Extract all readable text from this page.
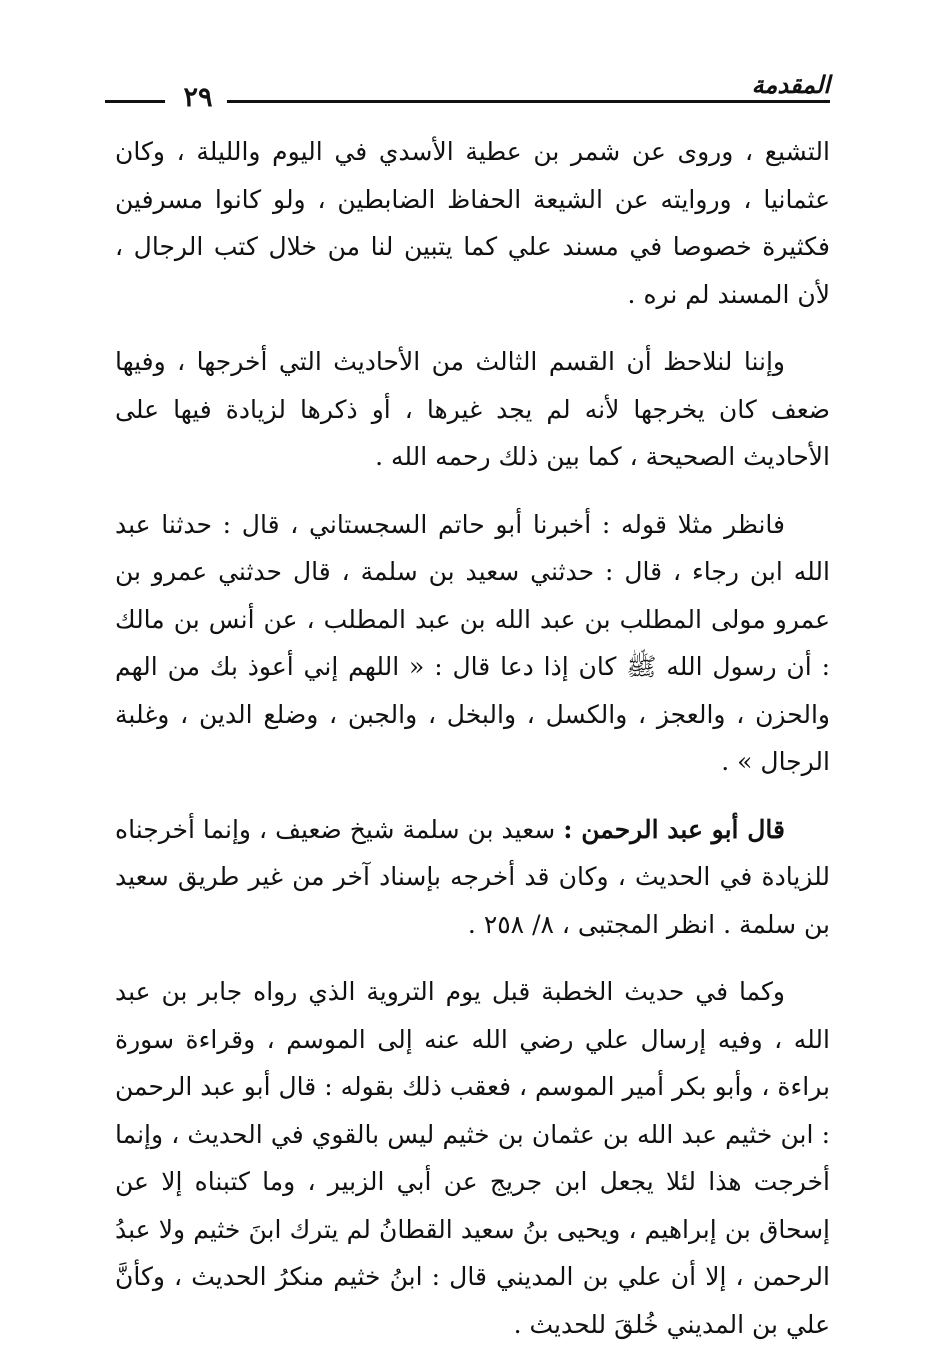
٢٩	المقدمة

التشيع ، وروى عن شمر بن عطية الأسدي في اليوم والليلة ، وكان عثمانيا ، وروايته عن الشيعة الحفاظ الضابطين ، ولو كانوا مسرفين فكثيرة خصوصا في مسند علي كما يتبين لنا من خلال كتب الرجال ، لأن المسند لم نره .

وإننا لنلاحظ أن القسم الثالث من الأحاديث التي أخرجها ، وفيها ضعف كان يخرجها لأنه لم يجد غيرها ، أو ذكرها لزيادة فيها على الأحاديث الصحيحة ، كما بين ذلك رحمه الله .

فانظر مثلا قوله : أخبرنا أبو حاتم السجستاني ، قال : حدثنا عبد الله ابن رجاء ، قال : حدثني سعيد بن سلمة ، قال حدثني عمرو بن عمرو مولى المطلب بن عبد الله بن عبد المطلب ، عن أنس بن مالك : أن رسول الله ﷺ كان إذا دعا قال : « اللهم إني أعوذ بك من الهم والحزن ، والعجز ، والكسل ، والبخل ، والجبن ، وضلع الدين ، وغلبة الرجال » .

قال أبو عبد الرحمن : سعيد بن سلمة شيخ ضعيف ، وإنما أخرجناه للزيادة في الحديث ، وكان قد أخرجه بإسناد آخر من غير طريق سعيد بن سلمة . انظر المجتبى ، ٨/ ٢٥٨ .

وكما في حديث الخطبة قبل يوم التروية الذي رواه جابر بن عبد الله ، وفيه إرسال علي رضي الله عنه إلى الموسم ، وقراءة سورة براءة ، وأبو بكر أمير الموسم ، فعقب ذلك بقوله : قال أبو عبد الرحمن : ابن خثيم عبد الله بن عثمان بن خثيم ليس بالقوي في الحديث ، وإنما أخرجت هذا لئلا يجعل ابن جريج عن أبي الزبير ، وما كتبناه إلا عن إسحاق بن إبراهيم ، ويحيى بنُ سعيد القطانُ لم يترك ابنَ خثيم ولا عبدُ الرحمن ، إلا أن علي بن المديني قال : ابنُ خثيم منكرُ الحديث ، وكأنَّ علي بن المديني خُلقَ للحديث .
